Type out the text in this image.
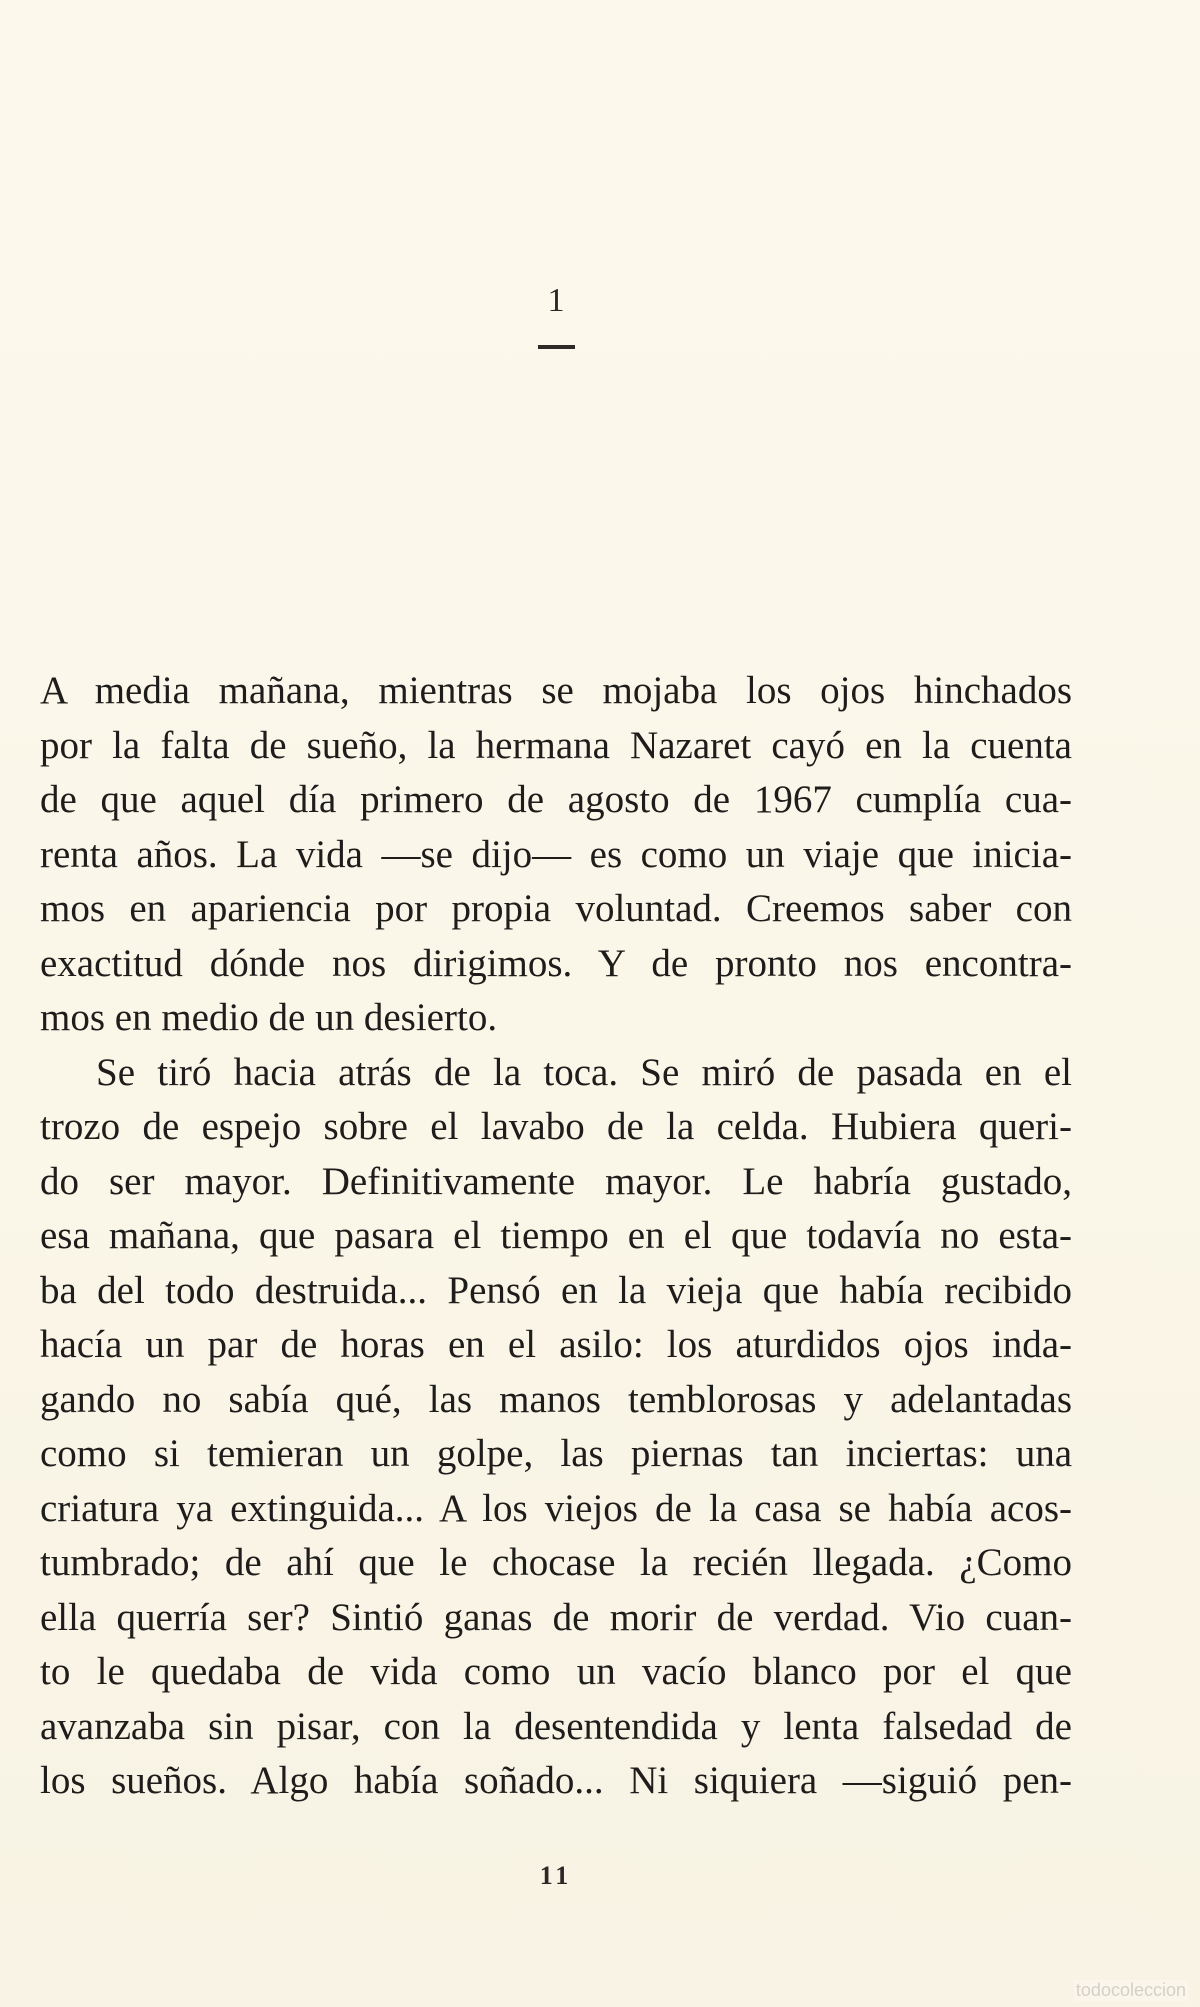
1
A media mañana, mientras se mojaba los ojos hinchados
por la falta de sueño, la hermana Nazaret cayó en la cuenta
de que aquel día primero de agosto de 1967 cumplía cua-
renta años. La vida —se dijo— es como un viaje que inicia-
mos en apariencia por propia voluntad. Creemos saber con
exactitud dónde nos dirigimos. Y de pronto nos encontra-
mos en medio de un desierto.
Se tiró hacia atrás de la toca. Se miró de pasada en el
trozo de espejo sobre el lavabo de la celda. Hubiera queri-
do ser mayor. Definitivamente mayor. Le habría gustado,
esa mañana, que pasara el tiempo en el que todavía no esta-
ba del todo destruida... Pensó en la vieja que había recibido
hacía un par de horas en el asilo: los aturdidos ojos inda-
gando no sabía qué, las manos temblorosas y adelantadas
como si temieran un golpe, las piernas tan inciertas: una
criatura ya extinguida... A los viejos de la casa se había acos-
tumbrado; de ahí que le chocase la recién llegada. ¿Como
ella querría ser? Sintió ganas de morir de verdad. Vio cuan-
to le quedaba de vida como un vacío blanco por el que
avanzaba sin pisar, con la desentendida y lenta falsedad de
los sueños. Algo había soñado... Ni siquiera —siguió pen-
11
todocoleccion
